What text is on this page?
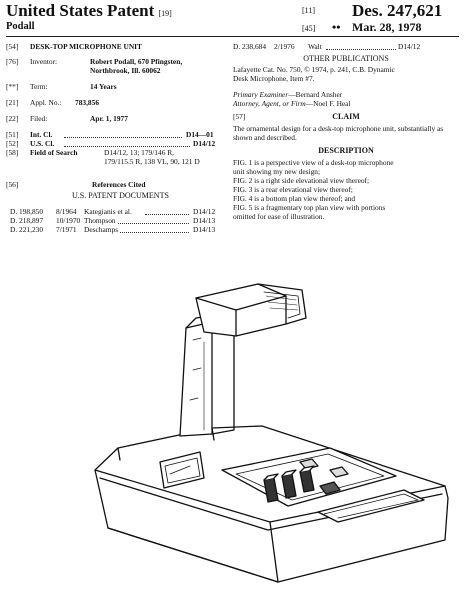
United States Patent [19]
Podall
[11] Des. 247,621
[45] •• Mar. 28, 1978
[54] DESK-TOP MICROPHONE UNIT
[76] Inventor:	Robert Podall, 670 Pfingsten,
Northbrook, Ill. 60062
[**] Term:	14 Years
[21] Appl. No.: 783,856
[22] Filed:	Apr. 1, 1977
[51] Int. Cl.	D14—01
[52] U.S. Cl.	D14/12
[58] Field of Search	D14/12, 13; 179/146 R,
179/115.5 R, 138 VL, 90, 121 D
[56]	References Cited
U.S. PATENT DOCUMENTS
D. 198,850 8/1964 Kategianis et al.	D14/12
D. 218,897 10/1970 Thompson	D14/13
D. 221,230 7/1971 Deschamps	D14/13
D. 238,684 2/1976 Walt	D14/12
OTHER PUBLICATIONS
Lafayette Cat. No. 750, © 1974, p. 241, C.B. Dynamic
Desk Microphone, Item #7.
Primary Examiner—Bernard Ansher
Attorney, Agent, or Firm—Noel F. Heal
[57]	CLAIM
The ornamental design for a desk-top microphone unit, substantially as shown and described.
DESCRIPTION
FIG. 1 is a perspective view of a desk-top microphone
unit showing my new design;
FIG. 2 is a right side elevational view thereof;
FIG. 3 is a rear elevational view thereof;
FIG. 4 is a bottom plan view thereof; and
FIG. 5 is a fragmentary top plan view with portions
omitted for ease of illustration.
